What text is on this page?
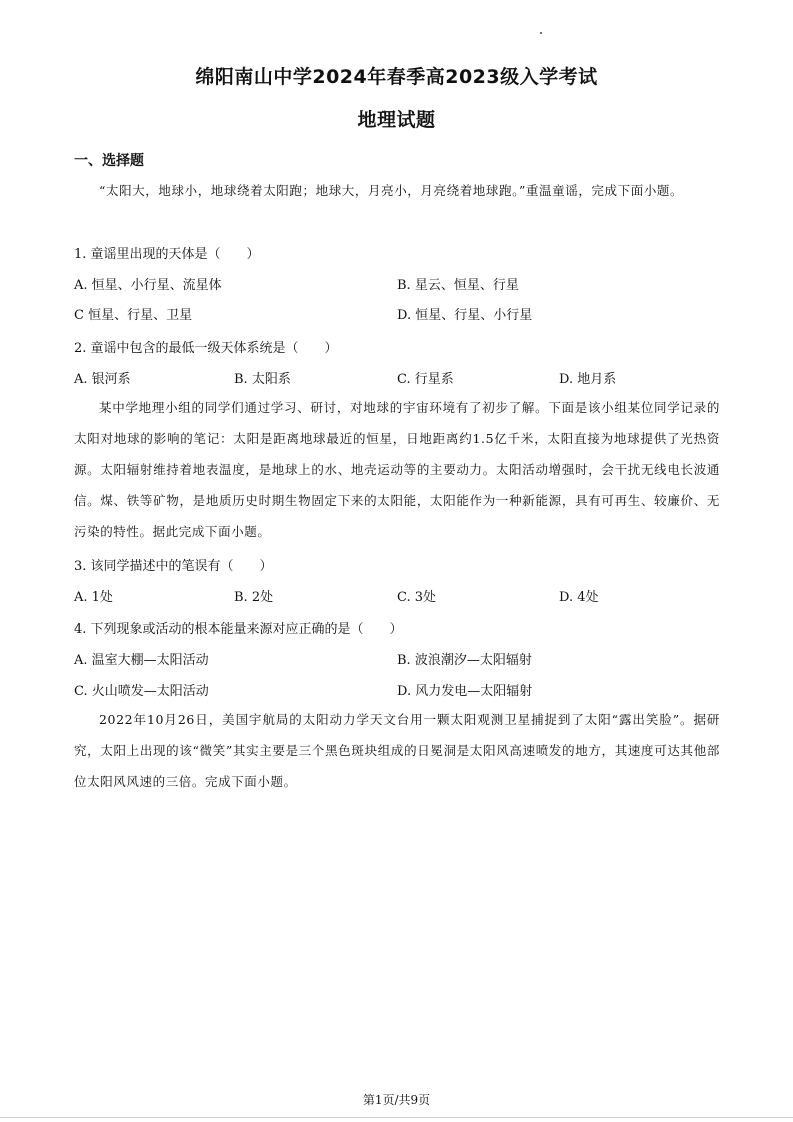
绵阳南山中学2024年春季高2023级入学考试
地理试题
一、选择题
“太阳大，地球小，地球绕着太阳跑；地球大，月亮小，月亮绕着地球跑。”重温童谣，完成下面小题。
1. 童谣里出现的天体是（　　）
A. 恒星、小行星、流星体	B. 星云、恒星、行星
C 恒星、行星、卫星	D. 恒星、行星、小行星
2. 童谣中包含的最低一级天体系统是（　　）
A. 银河系	B. 太阳系	C. 行星系	D. 地月系
某中学地理小组的同学们通过学习、研讨，对地球的宇宙环境有了初步了解。下面是该小组某位同学记录的太阳对地球的影响的笔记：太阳是距离地球最近的恒星，日地距离约1.5亿千米，太阳直接为地球提供了光热资源。太阳辐射维持着地表温度，是地球上的水、地壳运动等的主要动力。太阳活动增强时，会干扰无线电长波通信。煤、铁等矿物，是地质历史时期生物固定下来的太阳能，太阳能作为一种新能源，具有可再生、较廉价、无污染的特性。据此完成下面小题。
3. 该同学描述中的笔误有（　　）
A. 1处	B. 2处	C. 3处	D. 4处
4. 下列现象或活动的根本能量来源对应正确的是（　　）
A. 温室大棚—太阳活动	B. 波浪潮汐—太阳辐射
C. 火山喷发—太阳活动	D. 风力发电—太阳辐射
2022年10月26日，美国宇航局的太阳动力学天文台用一颗太阳观测卫星捕捉到了太阳“露出笑脸”。据研究，太阳上出现的该“微笑”其实主要是三个黑色斑块组成的日冕洞是太阳风高速喷发的地方，其速度可达其他部位太阳风风速的三倍。完成下面小题。
第1页/共9页
